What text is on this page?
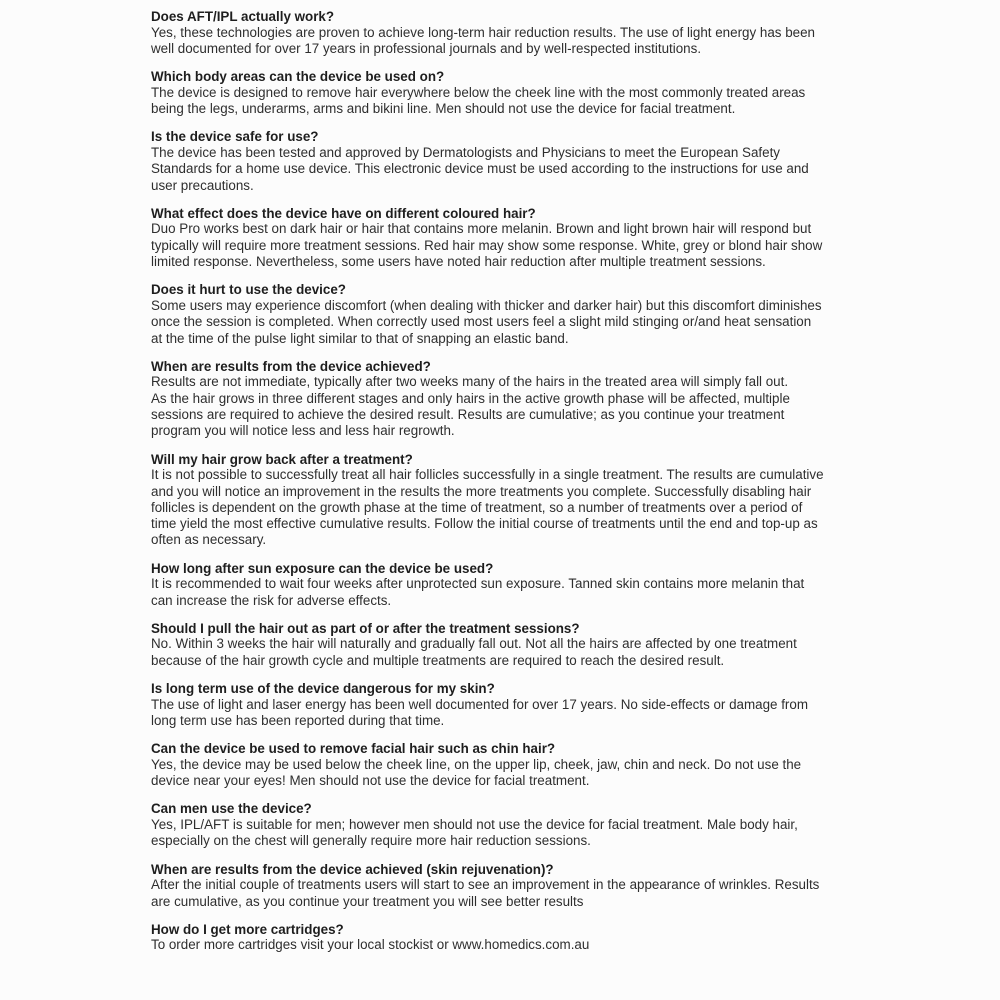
Does AFT/IPL actually work?

Yes, these technologies are proven to achieve long-term hair reduction results. The use of light energy has been
well documented for over 17 years in professional journals and by well-respected institutions.

Which body areas can the device be used on?

The device is designed to remove hair everywhere below the cheek line with the most commonly treated areas
being the legs, underarms, arms and bikini line. Men should not use the device for facial treatment.

Is the device safe for use?

The device has been tested and approved by Dermatologists and Physicians to meet the European Safety
Standards for a home use device. This electronic device must be used according to the instructions for use and
user precautions.

What effect does the device have on different coloured hair?

Duo Pro works best on dark hair or hair that contains more melanin. Brown and light brown hair will respond but
typically will require more treatment sessions. Red hair may show some response. White, grey or blond hair show
limited response. Nevertheless, some users have noted hair reduction after multiple treatment sessions.

Does it hurt to use the device?

Some users may experience discomfort (when dealing with thicker and darker hair) but this discomfort diminishes
once the session is completed. When correctly used most users feel a slight mild stinging or/and heat sensation
at the time of the pulse light similar to that of snapping an elastic band.

When are results from the device achieved?

Results are not immediate, typically after two weeks many of the hairs in the treated area will simply fall out.
As the hair grows in three different stages and only hairs in the active growth phase will be affected, multiple
sessions are required to achieve the desired result. Results are cumulative; as you continue your treatment
program you will notice less and less hair regrowth.

Will my hair grow back after a treatment?

It is not possible to successfully treat all hair follicles successfully in a single treatment. The results are cumulative
and you will notice an improvement in the results the more treatments you complete. Successfully disabling hair
follicles is dependent on the growth phase at the time of treatment, so a number of treatments over a period of
time yield the most effective cumulative results. Follow the initial course of treatments until the end and top-up as
often as necessary.

How long after sun exposure can the device be used?

It is recommended to wait four weeks after unprotected sun exposure. Tanned skin contains more melanin that
can increase the risk for adverse effects.

Should I pull the hair out as part of or after the treatment sessions?

No. Within 3 weeks the hair will naturally and gradually fall out. Not all the hairs are affected by one treatment
because of the hair growth cycle and multiple treatments are required to reach the desired result.

Is long term use of the device dangerous for my skin?

The use of light and laser energy has been well documented for over 17 years. No side-effects or damage from
long term use has been reported during that time.

Can the device be used to remove facial hair such as chin hair?

Yes, the device may be used below the cheek line, on the upper lip, cheek, jaw, chin and neck. Do not use the
device near your eyes! Men should not use the device for facial treatment.

Can men use the device?

Yes, IPL/AFT is suitable for men; however men should not use the device for facial treatment. Male body hair,
especially on the chest will generally require more hair reduction sessions.

When are results from the device achieved (skin rejuvenation)?

After the initial couple of treatments users will start to see an improvement in the appearance of wrinkles. Results
are cumulative, as you continue your treatment you will see better results

How do I get more cartridges?

To order more cartridges visit your local stockist or www.homedics.com.au
